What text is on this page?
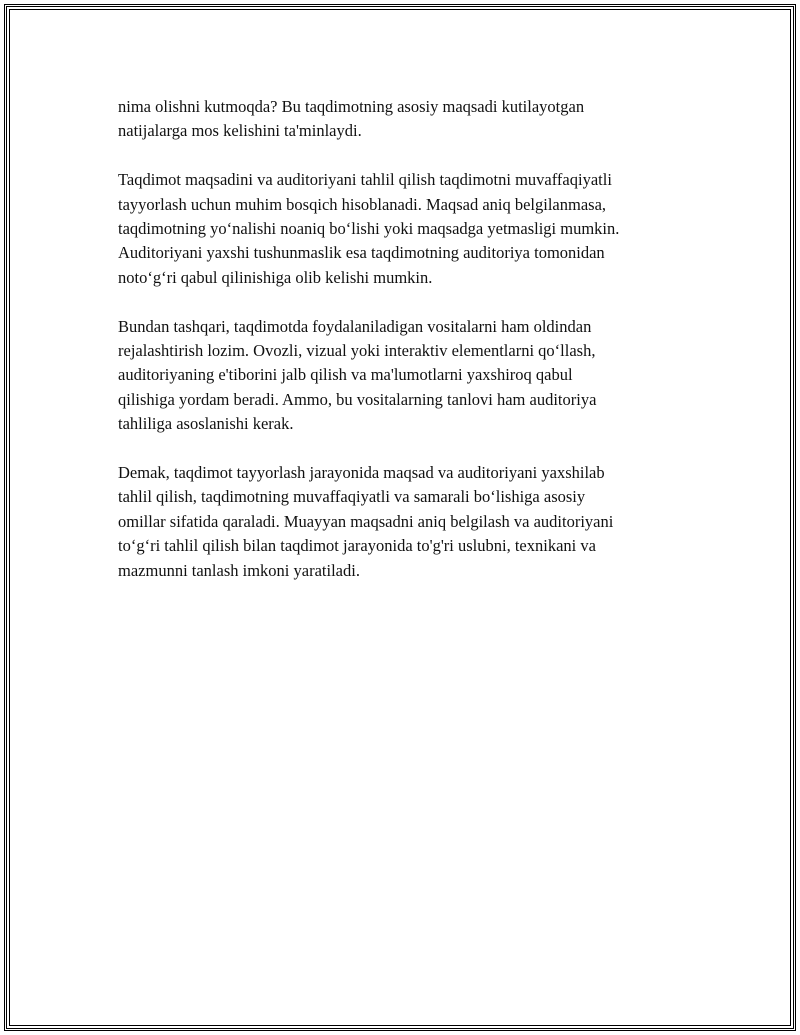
nima olishni kutmoqda? Bu taqdimotning asosiy maqsadi kutilayotgan
natijalarga mos kelishini ta'minlaydi.

Taqdimot maqsadini va auditoriyani tahlil qilish taqdimotni muvaffaqiyatli
tayyorlash uchun muhim bosqich hisoblanadi. Maqsad aniq belgilanmasa,
taqdimotning yo‘nalishi noaniq bo‘lishi yoki maqsadga yetmasligi mumkin.
Auditoriyani yaxshi tushunmaslik esa taqdimotning auditoriya tomonidan
noto‘g‘ri qabul qilinishiga olib kelishi mumkin.

Bundan tashqari, taqdimotda foydalaniladigan vositalarni ham oldindan
rejalashtirish lozim. Ovozli, vizual yoki interaktiv elementlarni qo‘llash,
auditoriyaning e'tiborini jalb qilish va ma'lumotlarni yaxshiroq qabul
qilishiga yordam beradi. Ammo, bu vositalarning tanlovi ham auditoriya
tahliliga asoslanishi kerak.

Demak, taqdimot tayyorlash jarayonida maqsad va auditoriyani yaxshilab
tahlil qilish, taqdimotning muvaffaqiyatli va samarali bo‘lishiga asosiy
omillar sifatida qaraladi. Muayyan maqsadni aniq belgilash va auditoriyani
to‘g‘ri tahlil qilish bilan taqdimot jarayonida to'g'ri uslubni, texnikani va
mazmunni tanlash imkoni yaratiladi.
